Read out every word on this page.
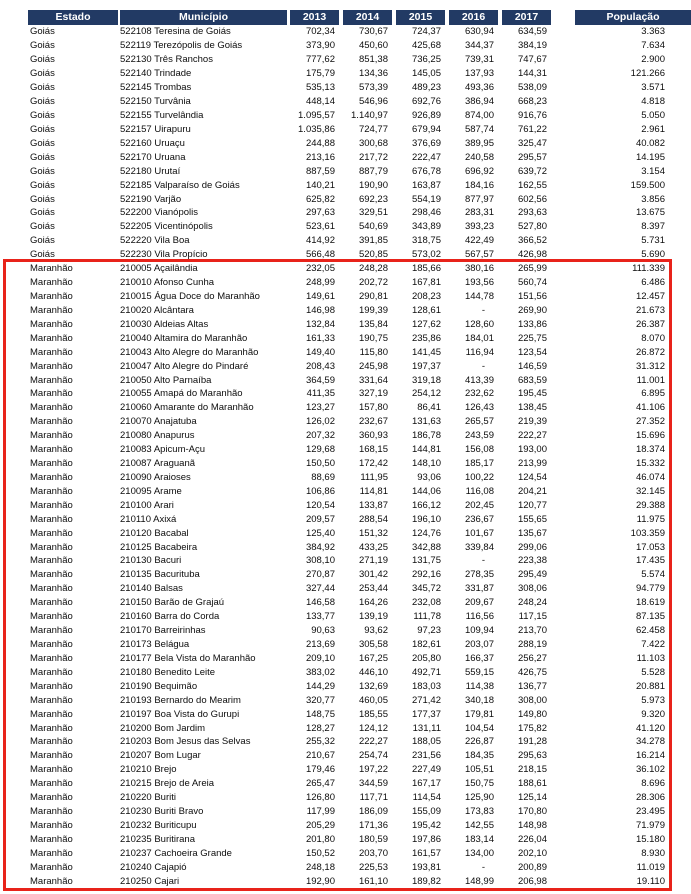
Estado	Município	2013	2014	2015	2016	2017		População

Goiás	522108 Teresina de Goiás	702,34	730,67	724,37	630,94	634,59		3.363
Goiás	522119 Terezópolis de Goiás	373,90	450,60	425,68	344,37	384,19		7.634
Goiás	522130 Três Ranchos	777,62	851,38	736,25	739,31	747,67		2.900
Goiás	522140 Trindade	175,79	134,36	145,05	137,93	144,31		121.266
Goiás	522145 Trombas	535,13	573,39	489,23	493,36	538,09		3.571
Goiás	522150 Turvânia	448,14	546,96	692,76	386,94	668,23		4.818
Goiás	522155 Turvelândia	1.095,57	1.140,97	926,89	874,00	916,76		5.050
Goiás	522157 Uirapuru	1.035,86	724,77	679,94	587,74	761,22		2.961
Goiás	522160 Uruaçu	244,88	300,68	376,69	389,95	325,47		40.082
Goiás	522170 Uruana	213,16	217,72	222,47	240,58	295,57		14.195
Goiás	522180 Urutaí	887,59	887,79	676,78	696,92	639,72		3.154
Goiás	522185 Valparaíso de Goiás	140,21	190,90	163,87	184,16	162,55		159.500
Goiás	522190 Varjão	625,82	692,23	554,19	877,97	602,56		3.856
Goiás	522200 Vianópolis	297,63	329,51	298,46	283,31	293,63		13.675
Goiás	522205 Vicentinópolis	523,61	540,69	343,89	393,23	527,80		8.397
Goiás	522220 Vila Boa	414,92	391,85	318,75	422,49	366,52		5.731
Goiás	522230 Vila Propício	566,48	520,85	573,02	567,57	426,98		5.690
Maranhão	210005 Açailândia	232,05	248,28	185,66	380,16	265,99		111.339
Maranhão	210010 Afonso Cunha	248,99	202,72	167,81	193,56	560,74		6.486
Maranhão	210015 Água Doce do Maranhão	149,61	290,81	208,23	144,78	151,56		12.457
Maranhão	210020 Alcântara	146,98	199,39	128,61	-	269,90		21.673
Maranhão	210030 Aldeias Altas	132,84	135,84	127,62	128,60	133,86		26.387
Maranhão	210040 Altamira do Maranhão	161,33	190,75	235,86	184,01	225,75		8.070
Maranhão	210043 Alto Alegre do Maranhão	149,40	115,80	141,45	116,94	123,54		26.872
Maranhão	210047 Alto Alegre do Pindaré	208,43	245,98	197,37	-	146,59		31.312
Maranhão	210050 Alto Parnaíba	364,59	331,64	319,18	413,39	683,59		11.001
Maranhão	210055 Amapá do Maranhão	411,35	327,19	254,12	232,62	195,45		6.895
Maranhão	210060 Amarante do Maranhão	123,27	157,80	86,41	126,43	138,45		41.106
Maranhão	210070 Anajatuba	126,02	232,67	131,63	265,57	219,39		27.352
Maranhão	210080 Anapurus	207,32	360,93	186,78	243,59	222,27		15.696
Maranhão	210083 Apicum-Açu	129,68	168,15	144,81	156,08	193,00		18.374
Maranhão	210087 Araguanã	150,50	172,42	148,10	185,17	213,99		15.332
Maranhão	210090 Araioses	88,69	111,95	93,06	100,22	124,54		46.074
Maranhão	210095 Arame	106,86	114,81	144,06	116,08	204,21		32.145
Maranhão	210100 Arari	120,54	133,87	166,12	202,45	120,77		29.388
Maranhão	210110 Axixá	209,57	288,54	196,10	236,67	155,65		11.975
Maranhão	210120 Bacabal	125,40	151,32	124,76	101,67	135,67		103.359
Maranhão	210125 Bacabeira	384,92	433,25	342,88	339,84	299,06		17.053
Maranhão	210130 Bacuri	308,10	271,19	131,75	-	223,38		17.435
Maranhão	210135 Bacurituba	270,87	301,42	292,16	278,35	295,49		5.574
Maranhão	210140 Balsas	327,44	253,44	345,72	331,87	308,06		94.779
Maranhão	210150 Barão de Grajaú	146,58	164,26	232,08	209,67	248,24		18.619
Maranhão	210160 Barra do Corda	133,77	139,19	111,78	116,56	117,15		87.135
Maranhão	210170 Barreirinhas	90,63	93,62	97,23	109,94	213,70		62.458
Maranhão	210173 Belágua	213,69	305,58	182,61	203,07	288,19		7.422
Maranhão	210177 Bela Vista do Maranhão	209,10	167,25	205,80	166,37	256,27		11.103
Maranhão	210180 Benedito Leite	383,02	446,10	492,71	559,15	426,75		5.528
Maranhão	210190 Bequimão	144,29	132,69	183,03	114,38	136,77		20.881
Maranhão	210193 Bernardo do Mearim	320,77	460,05	271,42	340,18	308,00		5.973
Maranhão	210197 Boa Vista do Gurupi	148,75	185,55	177,37	179,81	149,80		9.320
Maranhão	210200 Bom Jardim	128,27	124,12	131,11	104,54	175,82		41.120
Maranhão	210203 Bom Jesus das Selvas	255,32	222,27	188,05	226,87	191,28		34.278
Maranhão	210207 Bom Lugar	210,67	254,74	231,56	184,35	295,63		16.214
Maranhão	210210 Brejo	179,46	197,22	227,49	105,51	218,15		36.102
Maranhão	210215 Brejo de Areia	265,47	344,59	167,17	150,75	188,61		8.696
Maranhão	210220 Buriti	126,80	117,71	114,54	125,90	125,14		28.306
Maranhão	210230 Buriti Bravo	117,99	186,09	155,09	173,83	170,80		23.495
Maranhão	210232 Buriticupu	205,29	171,36	195,42	142,55	148,98		71.979
Maranhão	210235 Buritirana	201,80	180,59	197,86	183,14	226,04		15.180
Maranhão	210237 Cachoeira Grande	150,52	203,70	161,57	134,00	202,10		8.930
Maranhão	210240 Cajapió	248,18	225,53	193,81	-	200,89		11.019
Maranhão	210250 Cajari	192,90	161,10	189,82	148,99	206,98		19.110
